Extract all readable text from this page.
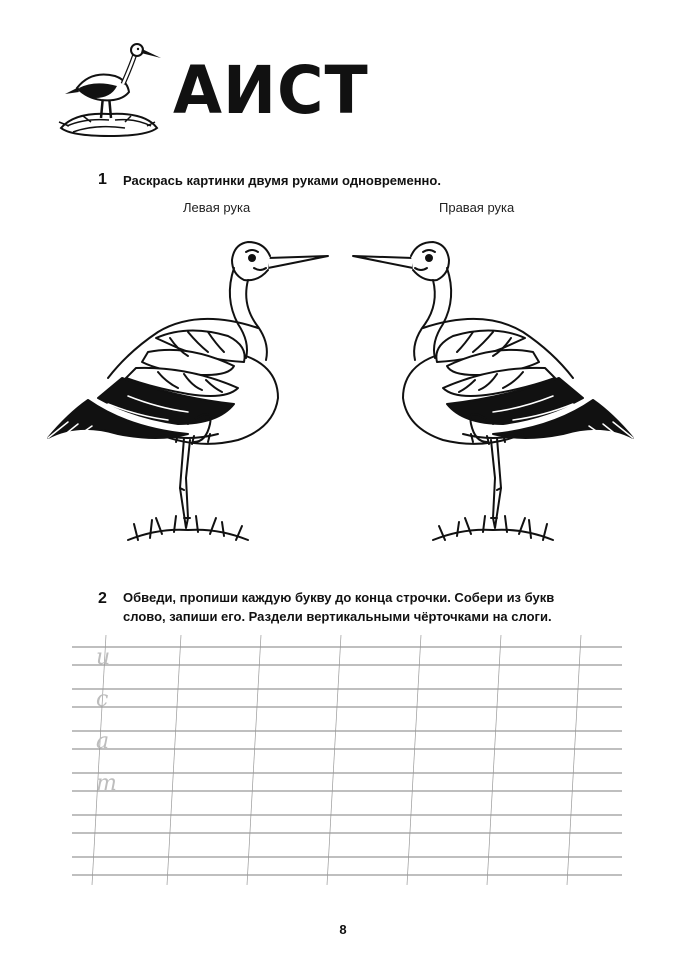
АИСТ
1 Раскрась картинки двумя руками одновременно.
Левая рука	Правая рука
2 Обведи, пропиши каждую букву до конца строчки. Собери из букв
слово, запиши его. Раздели вертикальными чёрточками на слоги.
и
с
а
т
8
